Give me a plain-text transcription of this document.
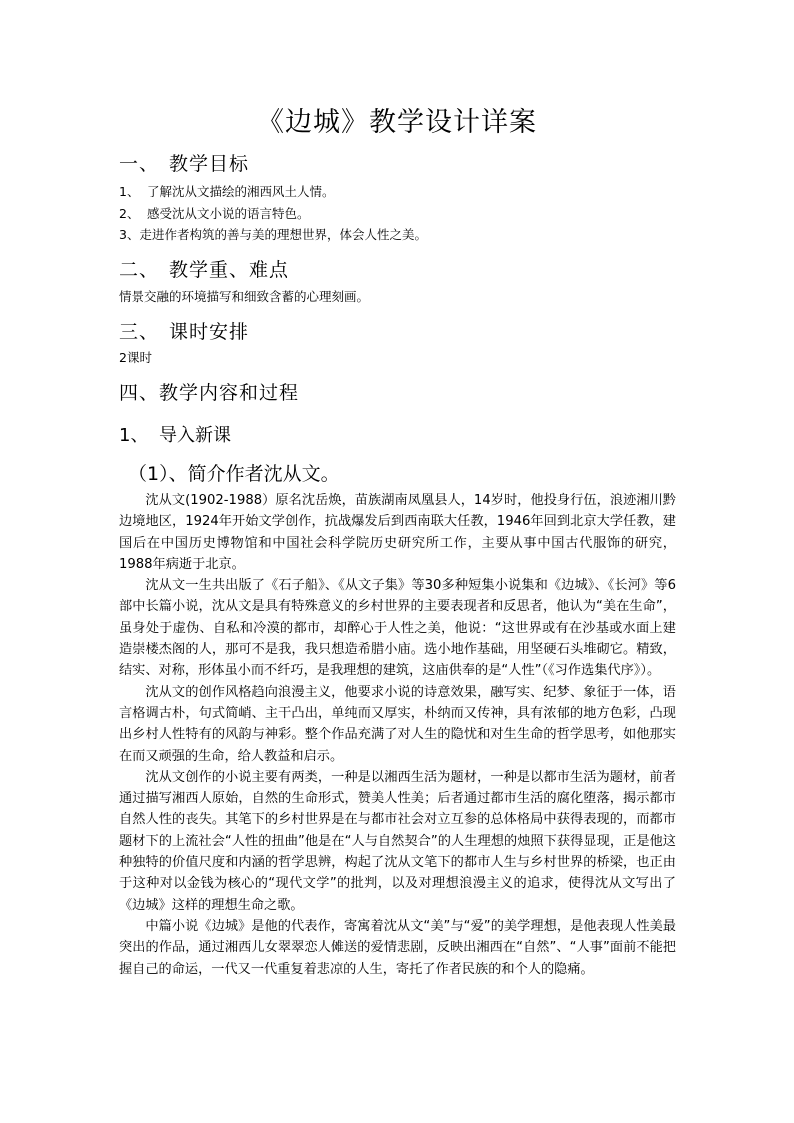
《边城》教学设计详案
一、 教学目标
1、 了解沈从文描绘的湘西风土人情。
2、 感受沈从文小说的语言特色。
3、走进作者构筑的善与美的理想世界，体会人性之美。
二、 教学重、难点
情景交融的环境描写和细致含蓄的心理刻画。
三、 课时安排
2课时
四、教学内容和过程
1、 导入新课
（1）、简介作者沈从文。

沈从文(1902-1988）原名沈岳焕，苗族湖南凤凰县人，14岁时，他投身行伍，浪迹湘川黔边境地区，1924年开始文学创作，抗战爆发后到西南联大任教，1946年回到北京大学任教，建国后在中国历史博物馆和中国社会科学院历史研究所工作，主要从事中国古代服饰的研究，1988年病逝于北京。

沈从文一生共出版了《石子船》、《从文子集》等30多种短集小说集和《边城》、《长河》等6部中长篇小说，沈从文是具有特殊意义的乡村世界的主要表现者和反思者，他认为“美在生命”，虽身处于虚伪、自私和冷漠的都市，却醉心于人性之美，他说：“这世界或有在沙基或水面上建造崇楼杰阁的人，那可不是我，我只想造希腊小庙。选小地作基础，用坚硬石头堆砌它。精致，结实、对称，形体虽小而不纤巧，是我理想的建筑，这庙供奉的是“人性”（《习作选集代序》）。

沈从文的创作风格趋向浪漫主义，他要求小说的诗意效果，融写实、纪梦、象征于一体，语言格调古朴，句式简峭、主干凸出，单纯而又厚实，朴纳而又传神，具有浓郁的地方色彩，凸现出乡村人性特有的风韵与神彩。整个作品充满了对人生的隐忧和对生生命的哲学思考，如他那实在而又顽强的生命，给人教益和启示。

沈从文创作的小说主要有两类，一种是以湘西生活为题材，一种是以都市生活为题材，前者通过描写湘西人原始，自然的生命形式，赞美人性美；后者通过都市生活的腐化堕落，揭示都市自然人性的丧失。其笔下的乡村世界是在与都市社会对立互参的总体格局中获得表现的，而都市题材下的上流社会“人性的扭曲”他是在“人与自然契合”的人生理想的烛照下获得显现，正是他这种独特的价值尺度和内涵的哲学思辨，构起了沈从文笔下的都市人生与乡村世界的桥梁，也正由于这种对以金钱为核心的“现代文学”的批判，以及对理想浪漫主义的追求，使得沈从文写出了《边城》这样的理想生命之歌。

中篇小说《边城》是他的代表作，寄寓着沈从文“美”与“爱”的美学理想，是他表现人性美最突出的作品，通过湘西儿女翠翠恋人傩送的爱情悲剧，反映出湘西在“自然”、“人事”面前不能把握自己的命运，一代又一代重复着悲凉的人生，寄托了作者民族的和个人的隐痛。
